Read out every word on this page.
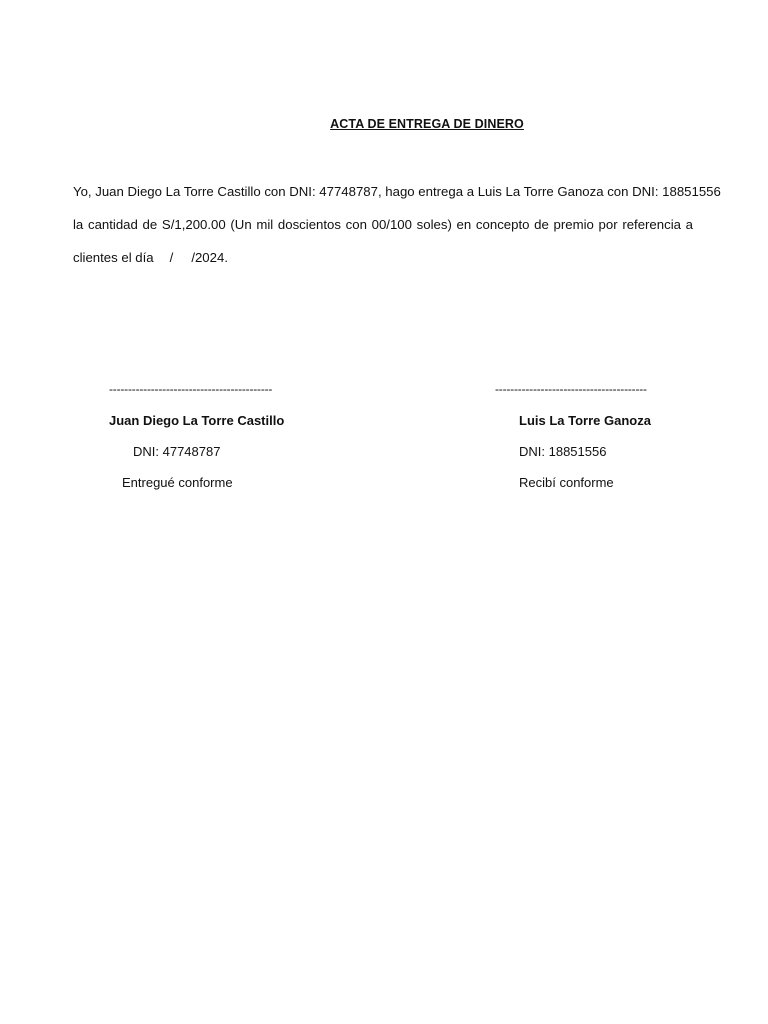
ACTA DE ENTREGA DE DINERO
Yo, Juan Diego La Torre Castillo con DNI: 47748787, hago entrega a Luis La Torre Ganoza con DNI: 18851556
la cantidad de S/1,200.00 (Un mil doscientos con 00/100 soles) en concepto de premio por referencia a
clientes el día / /2024.
-------------------------------------------
Juan Diego La Torre Castillo
DNI: 47748787
Entregué conforme
----------------------------------------
Luis La Torre Ganoza
DNI: 18851556
Recibí conforme
